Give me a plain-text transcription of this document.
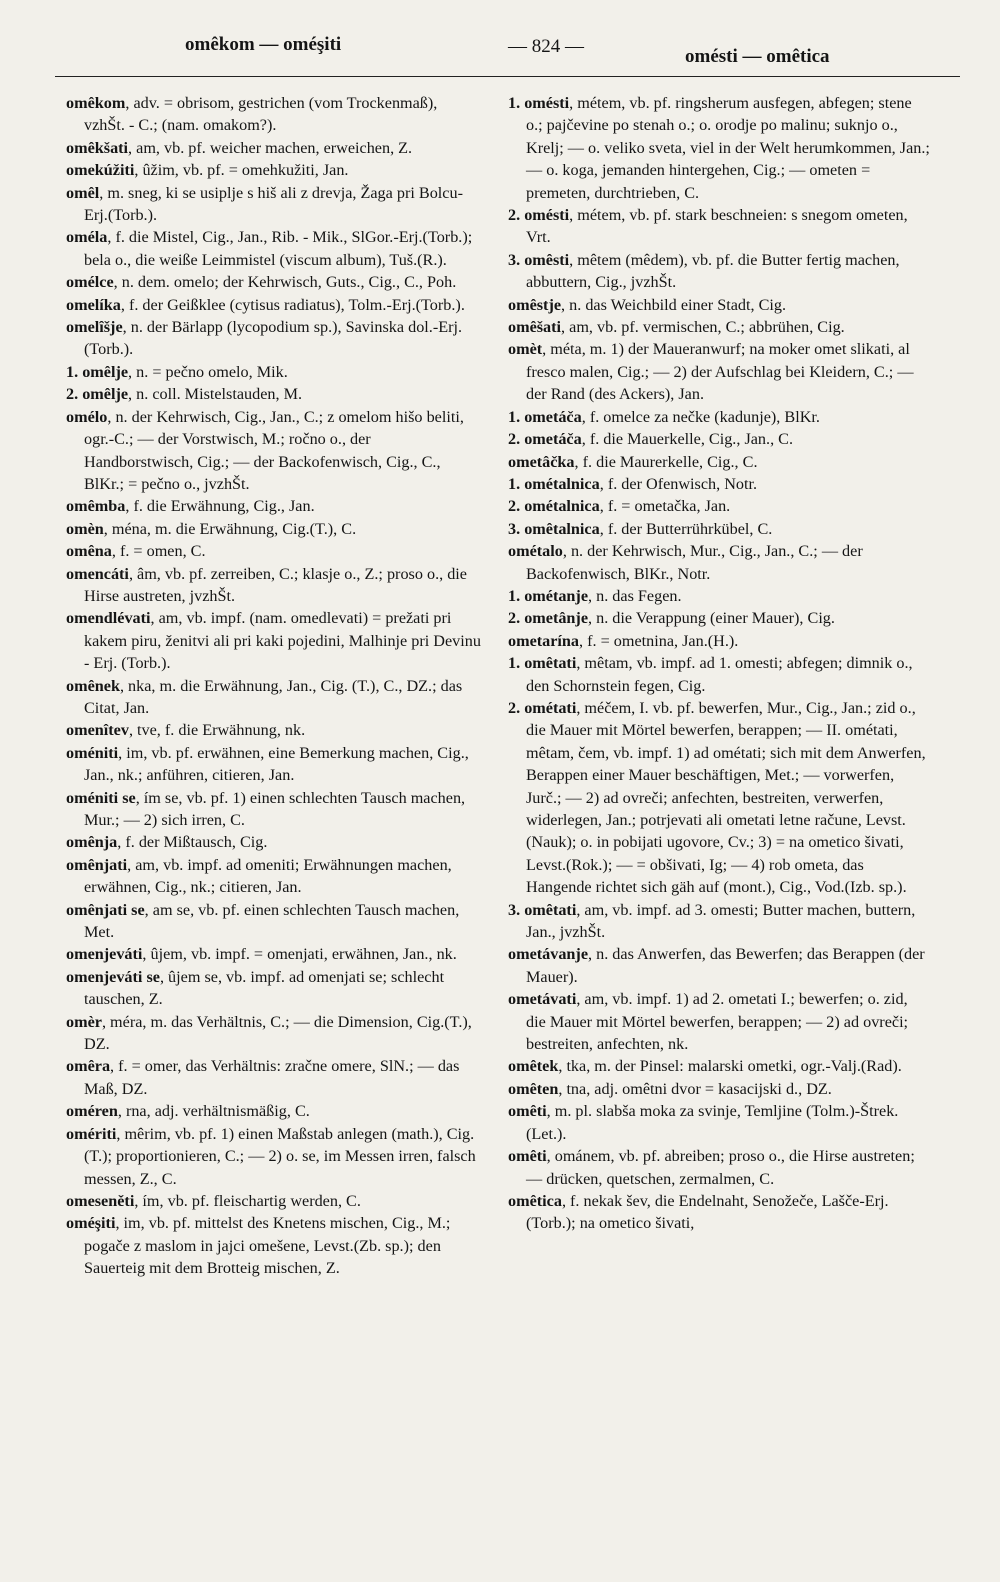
omêkom — oméşiti	— 824 —	omésti — omêtica

omêkom, adv. = obrisom, gestrichen (vom Trockenmaß), vzhŠt. - C.; (nam. omakom?).

omêkšati, am, vb. pf. weicher machen, erweichen, Z.

omekúžiti, ûžim, vb. pf. = omehkužiti, Jan.

omêl, m. sneg, ki se usiplje s hiš ali z drevja, Žaga pri Bolcu-Erj.(Torb.).

oméla, f. die Mistel, Cig., Jan., Rib. - Mik., SlGor.-Erj.(Torb.); bela o., die weiße Leimmistel (viscum album), Tuš.(R.).

omélce, n. dem. omelo; der Kehrwisch, Guts., Cig., C., Poh.

omelíka, f. der Geißklee (cytisus radiatus), Tolm.-Erj.(Torb.).

omelîšje, n. der Bärlapp (lycopodium sp.), Savinska dol.-Erj.(Torb.).

1. omêlje, n. = pečno omelo, Mik.

2. omêlje, n. coll. Mistelstauden, M.

omélo, n. der Kehrwisch, Cig., Jan., C.; z omelom hišo beliti, ogr.-C.; — der Vorstwisch, M.; ročno o., der Handborstwisch, Cig.; — der Backofenwisch, Cig., C., BlKr.; = pečno o., jvzhŠt.

omêmba, f. die Erwähnung, Cig., Jan.

omèn, ména, m. die Erwähnung, Cig.(T.), C.

omêna, f. = omen, C.

omencáti, âm, vb. pf. zerreiben, C.; klasje o., Z.; proso o., die Hirse austreten, jvzhŠt.

omendlévati, am, vb. impf. (nam. omedlevati) = prežati pri kakem piru, ženitvi ali pri kaki pojedini, Malhinje pri Devinu - Erj. (Torb.).

omênek, nka, m. die Erwähnung, Jan., Cig. (T.), C., DZ.; das Citat, Jan.

omenîtev, tve, f. die Erwähnung, nk.

oméniti, im, vb. pf. erwähnen, eine Bemerkung machen, Cig., Jan., nk.; anführen, citieren, Jan.

oméniti se, ím se, vb. pf. 1) einen schlechten Tausch machen, Mur.; — 2) sich irren, C.

omênja, f. der Mißtausch, Cig.

omênjati, am, vb. impf. ad omeniti; Erwähnungen machen, erwähnen, Cig., nk.; citieren, Jan.

omênjati se, am se, vb. pf. einen schlechten Tausch machen, Met.

omenjeváti, ûjem, vb. impf. = omenjati, erwähnen, Jan., nk.

omenjeváti se, ûjem se, vb. impf. ad omenjati se; schlecht tauschen, Z.

omèr, méra, m. das Verhältnis, C.; — die Dimension, Cig.(T.), DZ.

omêra, f. = omer, das Verhältnis: zračne omere, SlN.; — das Maß, DZ.

oméren, rna, adj. verhältnismäßig, C.

omériti, mêrim, vb. pf. 1) einen Maßstab anlegen (math.), Cig.(T.); proportionieren, C.; — 2) o. se, im Messen irren, falsch messen, Z., C.

omeseněti, ím, vb. pf. fleischartig werden, C.

oméşiti, im, vb. pf. mittelst des Knetens mischen, Cig., M.; pogače z maslom in jajci omešene, Levst.(Zb. sp.); den Sauerteig mit dem Brotteig mischen, Z.

1. omésti, métem, vb. pf. ringsherum ausfegen, abfegen; stene o.; pajčevine po stenah o.; o. orodje po malinu; suknjo o., Krelj; — o. veliko sveta, viel in der Welt herumkommen, Jan.; — o. koga, jemanden hintergehen, Cig.; — ometen = premeten, durchtrieben, C.

2. omésti, métem, vb. pf. stark beschneien: s snegom ometen, Vrt.

3. omêsti, mêtem (mêdem), vb. pf. die Butter fertig machen, abbuttern, Cig., jvzhŠt.

omêstje, n. das Weichbild einer Stadt, Cig.

omêšati, am, vb. pf. vermischen, C.; abbrühen, Cig.

omèt, méta, m. 1) der Maueranwurf; na moker omet slikati, al fresco malen, Cig.; — 2) der Aufschlag bei Kleidern, C.; — der Rand (des Ackers), Jan.

1. ometáča, f. omelce za nečke (kadunje), BlKr.

2. ometáča, f. die Mauerkelle, Cig., Jan., C.

ometâčka, f. die Maurerkelle, Cig., C.

1. ométalnica, f. der Ofenwisch, Notr.

2. ométalnica, f. = ometačka, Jan.

3. omêtalnica, f. der Butterrührkübel, C.

ométalo, n. der Kehrwisch, Mur., Cig., Jan., C.; — der Backofenwisch, BlKr., Notr.

1. ométanje, n. das Fegen.

2. ometânje, n. die Verappung (einer Mauer), Cig.

ometarína, f. = ometnina, Jan.(H.).

1. omêtati, mêtam, vb. impf. ad 1. omesti; abfegen; dimnik o., den Schornstein fegen, Cig.

2. ométati, méčem, I. vb. pf. bewerfen, Mur., Cig., Jan.; zid o., die Mauer mit Mörtel bewerfen, berappen; — II. ométati, mêtam, čem, vb. impf. 1) ad ométati; sich mit dem Anwerfen, Berappen einer Mauer beschäftigen, Met.; — vorwerfen, Jurč.; — 2) ad ovreči; anfechten, bestreiten, verwerfen, widerlegen, Jan.; potrjevati ali ometati letne račune, Levst.(Nauk); o. in pobijati ugovore, Cv.; 3) = na ometico šivati, Levst.(Rok.); — = obšivati, Ig; — 4) rob ometa, das Hangende richtet sich gäh auf (mont.), Cig., Vod.(Izb. sp.).

3. omêtati, am, vb. impf. ad 3. omesti; Butter machen, buttern, Jan., jvzhŠt.

ometávanje, n. das Anwerfen, das Bewerfen; das Berappen (der Mauer).

ometávati, am, vb. impf. 1) ad 2. ometati I.; bewerfen; o. zid, die Mauer mit Mörtel bewerfen, berappen; — 2) ad ovreči; bestreiten, anfechten, nk.

omêtek, tka, m. der Pinsel: malarski ometki, ogr.-Valj.(Rad).

omêten, tna, adj. omêtni dvor = kasacijski d., DZ.

omêti, m. pl. slabša moka za svinje, Temljine (Tolm.)-Štrek.(Let.).

omêti, ománem, vb. pf. abreiben; proso o., die Hirse austreten; — drücken, quetschen, zermalmen, C.

omêtica, f. nekak šev, die Endelnaht, Senožeče, Lašče-Erj.(Torb.); na ometico šivati,
